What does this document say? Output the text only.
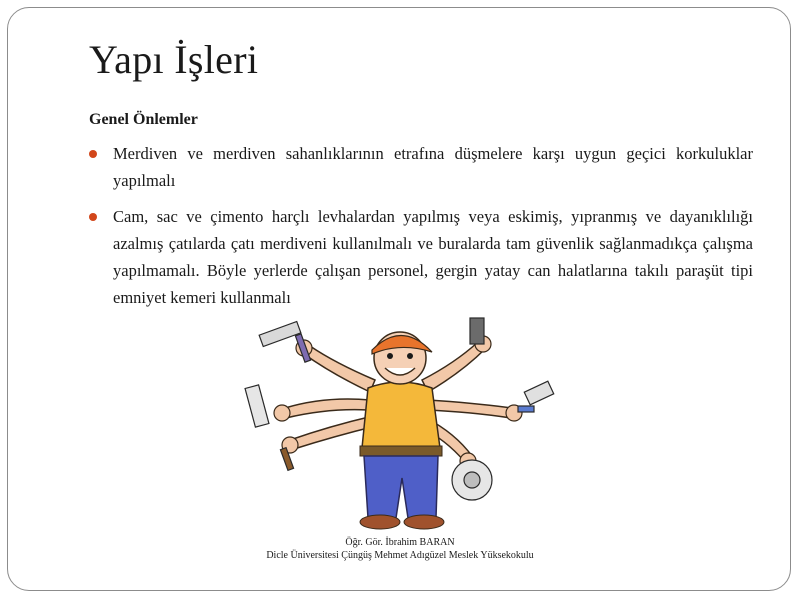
Yapı İşleri

Genel Önlemler

Merdiven ve merdiven sahanlıklarının etrafına düşmelere karşı uygun geçici korkuluklar yapılmalı
Cam, sac ve çimento harçlı levhalardan yapılmış veya eskimiş, yıpranmış ve dayanıklılığı azalmış çatılarda çatı merdiveni kullanılmalı ve buralarda tam güvenlik sağlanmadıkça çalışma yapılmamalı. Böyle yerlerde çalışan personel, gergin yatay can halatlarına takılı paraşüt tipi emniyet kemeri kullanmalı
Öğr. Gör. İbrahim BARAN
Dicle Üniversitesi Çüngüş Mehmet Adıgüzel Meslek Yüksekokulu
